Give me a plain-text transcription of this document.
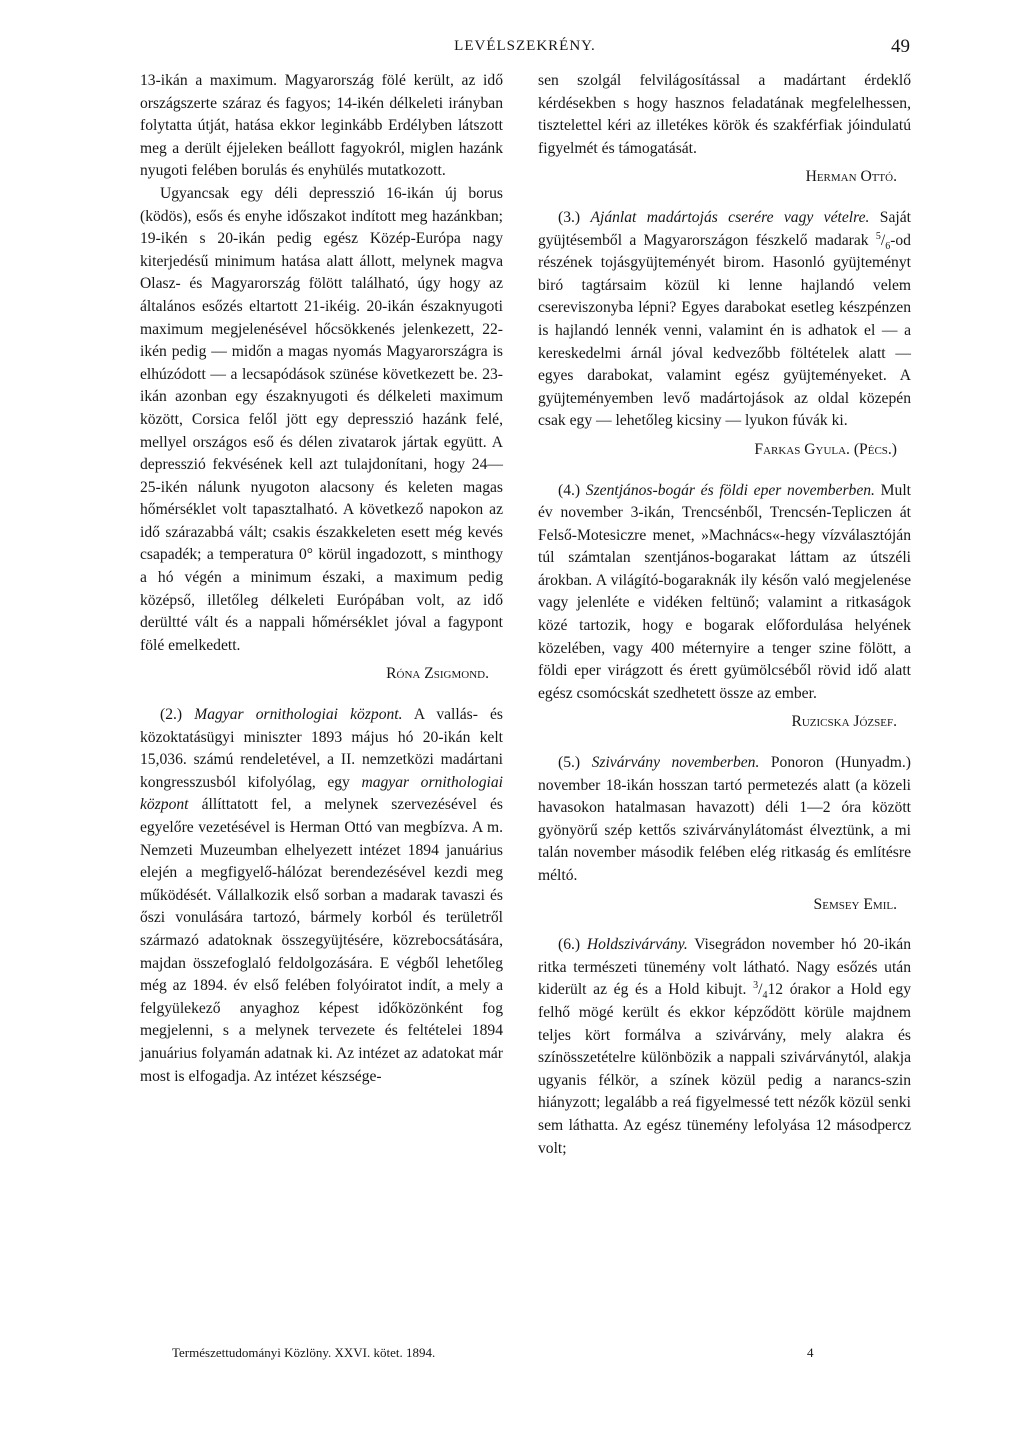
LEVÉLSZEKRÉNY.	49

13-ikán a maximum. Magyarország fölé került, az idő országszerte száraz és fagyos; 14-ikén délkeleti irányban folytatta útját, hatása ekkor leginkább Erdélyben látszott meg a derült éjjeleken beállott fagyokról, miglen hazánk nyugoti felében borulás és enyhülés mutatkozott.

Ugyancsak egy déli depresszió 16-ikán új borus (ködös), esős és enyhe időszakot indított meg hazánkban; 19-ikén s 20-ikán pedig egész Közép-Európa nagy kiterjedésű minimum hatása alatt állott, melynek magva Olasz- és Magyarország fölött található, úgy hogy az általános esőzés eltartott 21-ikéig. 20-ikán északnyugoti maximum megjelenésével hőcsökkenés jelenkezett, 22-ikén pedig — midőn a magas nyomás Magyarországra is elhúzódott — a lecsapódások szünése következett be. 23-ikán azonban egy északnyugoti és délkeleti maximum között, Corsica felől jött egy depresszió hazánk felé, mellyel országos eső és délen zivatarok jártak együtt. A depresszió fekvésének kell azt tulajdonítani, hogy 24—25-ikén nálunk nyugoton alacsony és keleten magas hőmérséklet volt tapasztalható. A következő napokon az idő szárazabbá vált; csakis északkeleten esett még kevés csapadék; a temperatura 0° körül ingadozott, s minthogy a hó végén a minimum északi, a maximum pedig középső, illetőleg délkeleti Európában volt, az idő derültté vált és a nappali hőmérséklet jóval a fagypont fölé emelkedett.

Róna Zsigmond.

(2.) Magyar ornithologiai központ. A vallás- és közoktatásügyi miniszter 1893 május hó 20-ikán kelt 15,036. számú rendeletével, a II. nemzetközi madártani kongresszusból kifolyólag, egy magyar ornithologiai központ állíttatott fel, a melynek szervezésével és egyelőre vezetésével is Herman Ottó van megbízva. A m. Nemzeti Muzeumban elhelyezett intézet 1894 januárius elején a megfigyelő-hálózat berendezésével kezdi meg működését. Vállalkozik első sorban a madarak tavaszi és őszi vonulására tartozó, bármely korból és területről származó adatoknak összegyüjtésére, közrebocsátására, majdan összefoglaló feldolgozására. E végből lehetőleg még az 1894. év első felében folyóiratot indít, a mely a felgyülekező anyaghoz képest időközönként fog megjelenni, s a melynek tervezete és feltételei 1894 januárius folyamán adatnak ki. Az intézet az adatokat már most is elfogadja. Az intézet készsége-

sen szolgál felvilágosítással a madártant érdeklő kérdésekben s hogy hasznos feladatának megfelelhessen, tisztelettel kéri az illetékes körök és szakférfiak jóindulatú figyelmét és támogatását.

Herman Ottó.

(3.) Ajánlat madártojás cserére vagy vételre. Saját gyüjtésemből a Magyarországon fészkelő madarak $^5/_6-od$ részének tojásgyüjteményét birom. Hasonló gyüjteményt biró tagtársaim közül ki lenne hajlandó velem csereviszonyba lépni? Egyes darabokat esetleg készpénzen is hajlandó lennék venni, valamint én is adhatok el — a kereskedelmi árnál jóval kedvezőbb föltételek alatt — egyes darabokat, valamint egész gyüjteményeket. A gyüjteményemben levő madártojások az oldal közepén csak egy — lehetőleg kicsiny — lyukon fúvák ki.

Farkas Gyula. (Pécs.)

(4.) Szentjános-bogár és földi eper novemberben. Mult év november 3-ikán, Trencsénből, Trencsén-Tepliczen át Felső-Motesiczre menet, »Machnács«-hegy vízválasztóján túl számtalan szentjános-bogarakat láttam az útszéli árokban. A világító-bogaraknák ily későn való megjelenése vagy jelenléte e vidéken feltünő; valamint a ritkaságok közé tartozik, hogy e bogarak előfordulása helyének közelében, vagy 400 méternyire a tenger szine fölött, a földi eper virágzott és érett gyümölcséből rövid idő alatt egész csomócskát szedhetett össze az ember.

Ruzicska József.

(5.) Szivárvány novemberben. Ponoron (Hunyadm.) november 18-ikán hosszan tartó permetezés alatt (a közeli havasokon hatalmasan havazott) déli 1—2 óra között gyönyörű szép kettős szivárványlátomást élveztünk, a mi talán november második felében elég ritkaság és említésre méltó.

Semsey Emil.

(6.) Holdszivárvány. Visegrádon november hó 20-ikán ritka természeti tünemény volt látható. Nagy esőzés után kiderült az ég és a Hold kibujt. $^3/_412$ órakor a Hold egy felhő mögé került és ekkor képződött körüle majdnem teljes kört formálva a szivárvány, mely alakra és színösszetételre különbözik a nappali szivárványtól, alakja ugyanis félkör, a színek közül pedig a narancs-szin hiányzott; legalább a reá figyelmessé tett nézők közül senki sem láthatta. Az egész tünemény lefolyása 12 másodpercz volt;

Természettudományi Közlöny. XXVI. kötet. 1894.	4
